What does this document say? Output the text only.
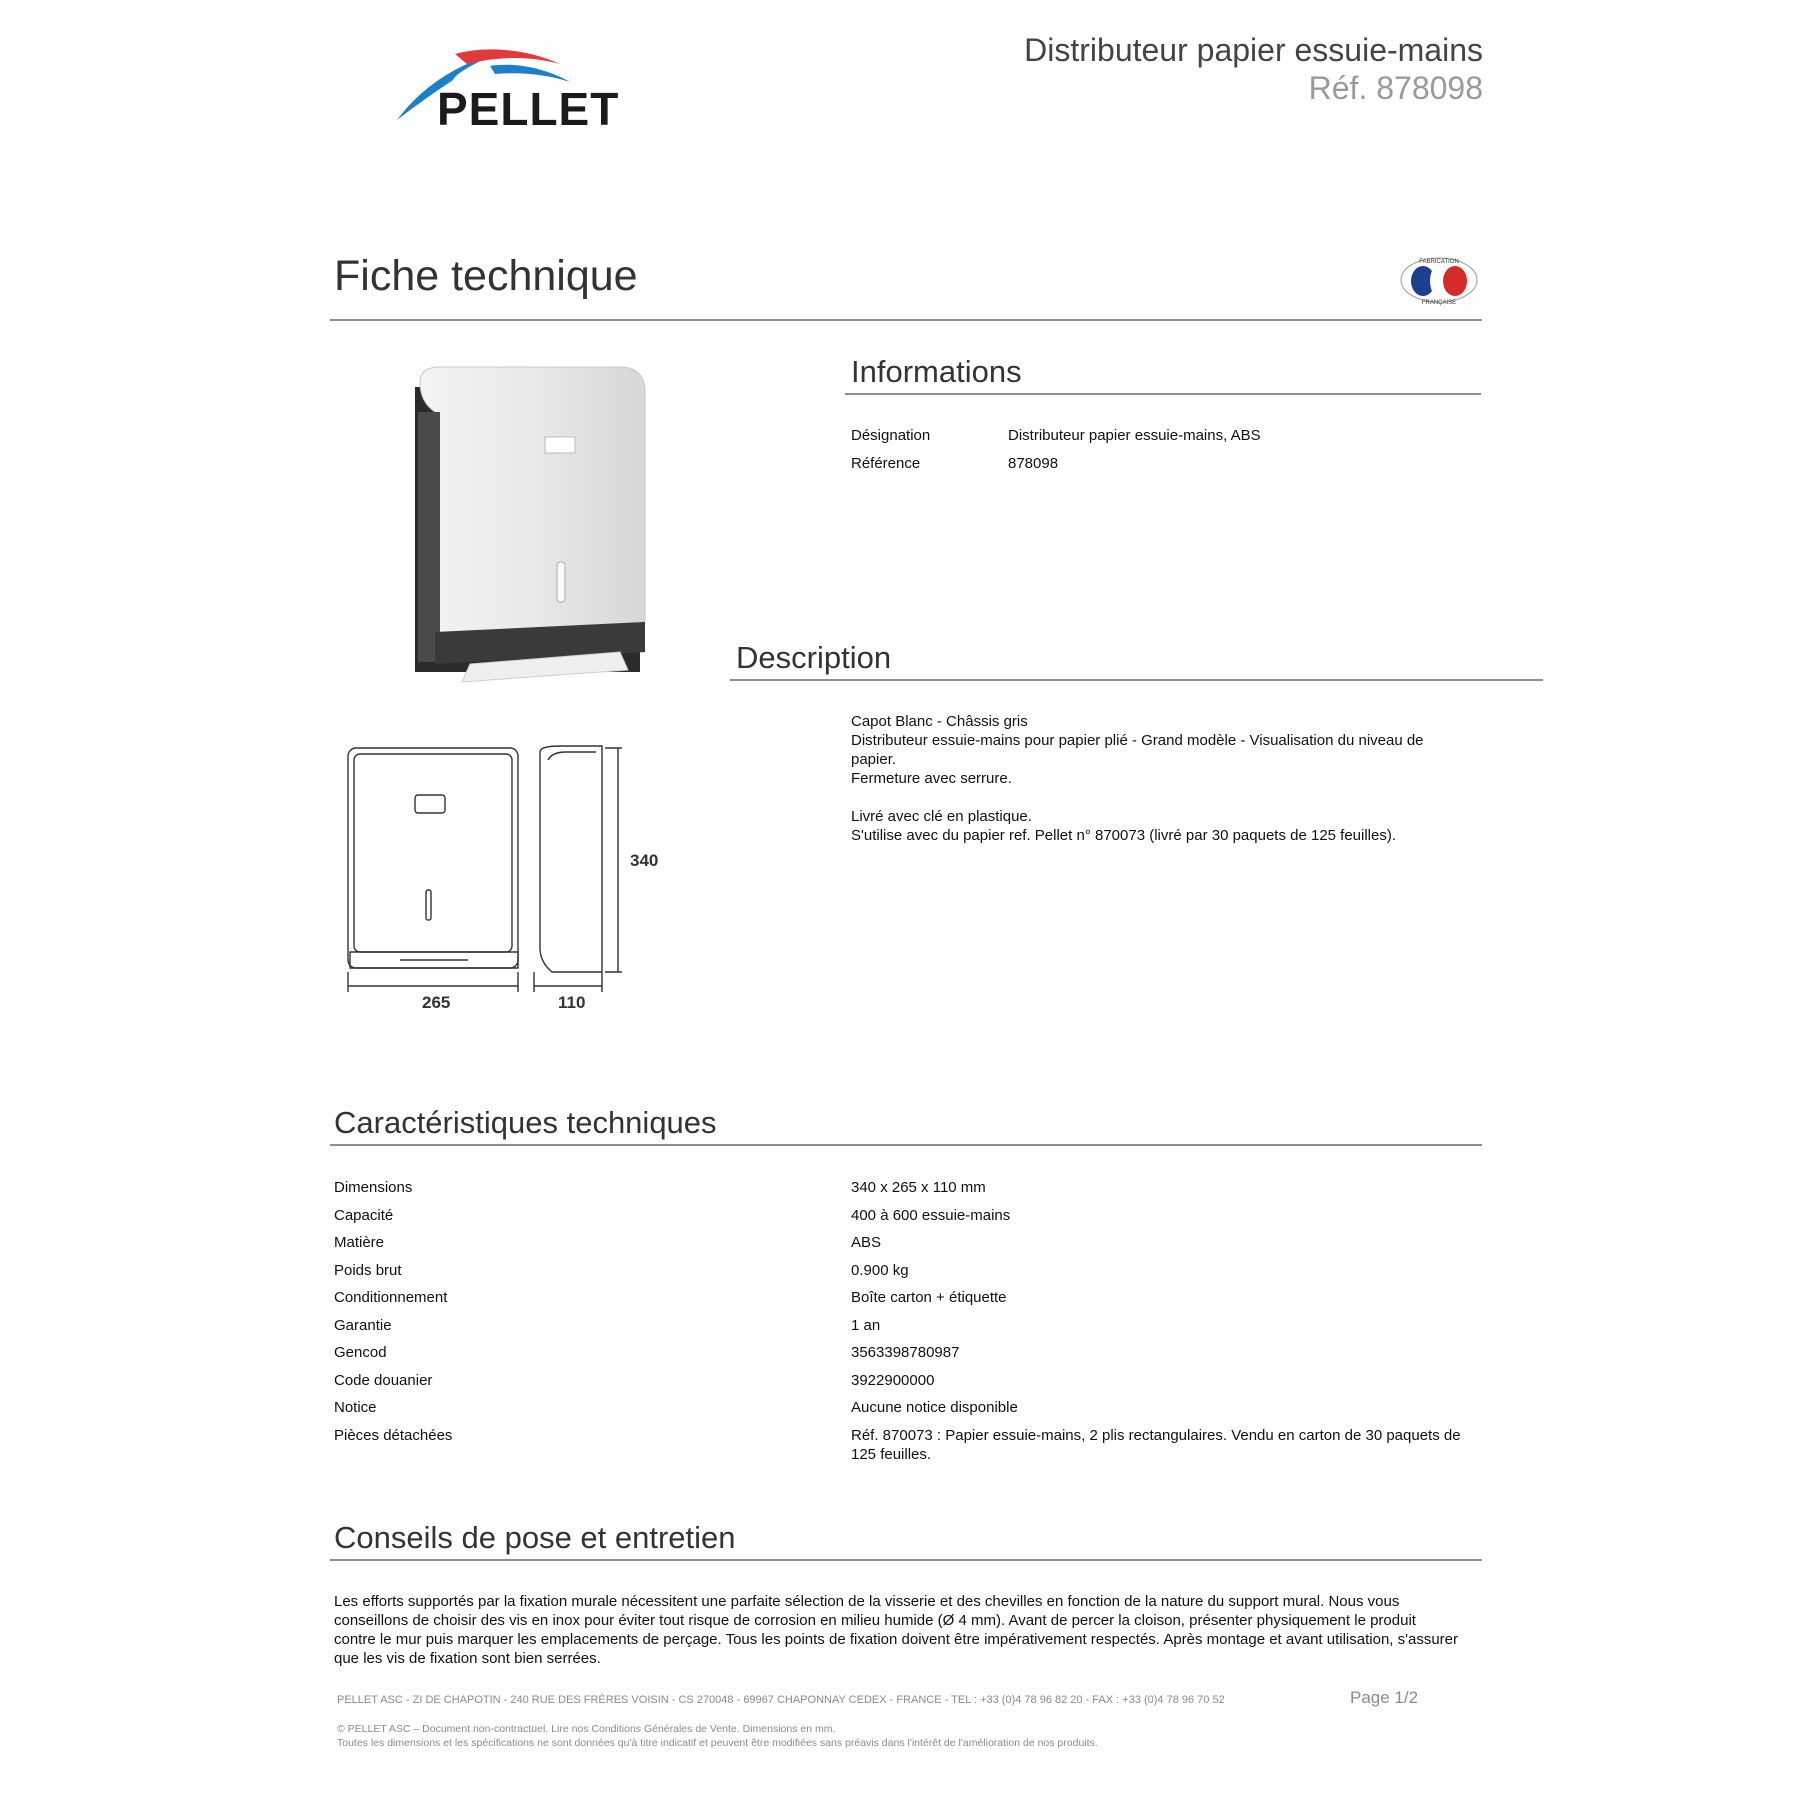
PELLET
Distributeur papier essuie-mains
Réf. 878098
Fiche technique	FABRICATION
FRANÇAISE
340
265	110
Informations
Désignation	Distributeur papier essuie-mains, ABS
Référence	878098
Description
Capot Blanc - Châssis gris
Distributeur essuie-mains pour papier plié - Grand modèle - Visualisation du niveau de
papier.
Fermeture avec serrure.
Livré avec clé en plastique.
S'utilise avec du papier ref. Pellet n° 870073 (livré par 30 paquets de 125 feuilles).
Caractéristiques techniques
Dimensions	340 x 265 x 110 mm
Capacité	400 à 600 essuie-mains
Matière	ABS
Poids brut	0.900 kg
Conditionnement	Boîte carton + étiquette
Garantie	1 an
Gencod	3563398780987
Code douanier	3922900000
Notice	Aucune notice disponible
Pièces détachées	Réf. 870073 : Papier essuie-mains, 2 plis rectangulaires. Vendu en carton de 30 paquets de
125 feuilles.
Conseils de pose et entretien
Les efforts supportés par la fixation murale nécessitent une parfaite sélection de la visserie et des chevilles en fonction de la nature du support mural. Nous vous
conseillons de choisir des vis en inox pour éviter tout risque de corrosion en milieu humide (Ø 4 mm). Avant de percer la cloison, présenter physiquement le produit
contre le mur puis marquer les emplacements de perçage. Tous les points de fixation doivent être impérativement respectés. Après montage et avant utilisation, s'assurer
que les vis de fixation sont bien serrées.
PELLET ASC - ZI DE CHAPOTIN - 240 RUE DES FRÈRES VOISIN - CS 270048 - 69967 CHAPONNAY CEDEX - FRANCE - TEL : +33 (0)4 78 96 82 20 - FAX : +33 (0)4 78 96 70 52	Page 1/2
© PELLET ASC – Document non-contractuel. Lire nos Conditions Générales de Vente. Dimensions en mm.
Toutes les dimensions et les spécifications ne sont données qu'à titre indicatif et peuvent être modifiées sans préavis dans l'intérêt de l'amélioration de nos produits.
